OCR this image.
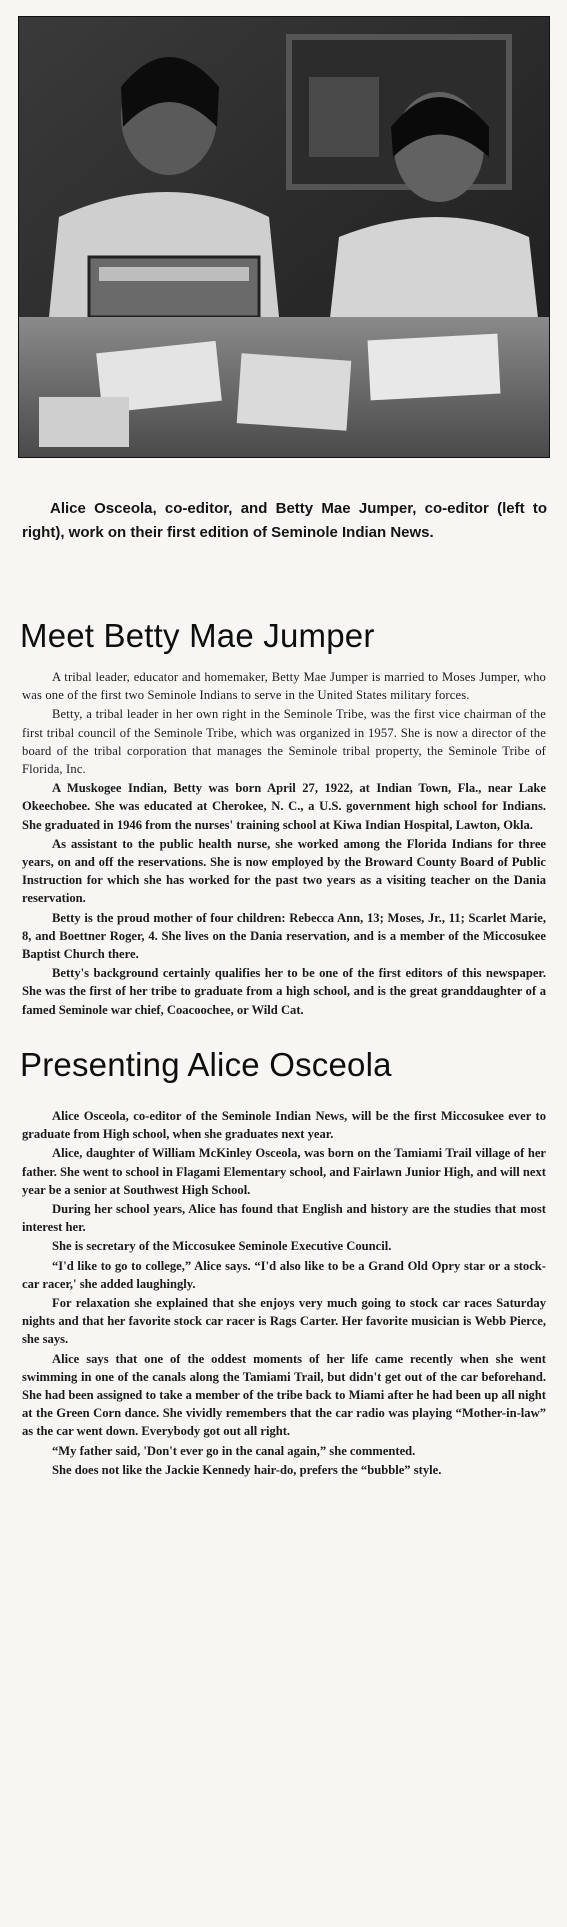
Alice Osceola, co-editor, and Betty Mae Jumper, co-editor (left to right), work on their first edition of Seminole Indian News.

Meet Betty Mae Jumper

A tribal leader, educator and homemaker, Betty Mae Jumper is married to Moses Jumper, who was one of the first two Seminole Indians to serve in the United States military forces.

Betty, a tribal leader in her own right in the Seminole Tribe, was the first vice chairman of the first tribal council of the Seminole Tribe, which was organized in 1957. She is now a director of the board of the tribal corporation that manages the Seminole tribal property, the Seminole Tribe of Florida, Inc.

A Muskogee Indian, Betty was born April 27, 1922, at Indian Town, Fla., near Lake Okeechobee. She was educated at Cherokee, N. C., a U.S. government high school for Indians. She graduated in 1946 from the nurses' training school at Kiwa Indian Hospital, Lawton, Okla.

As assistant to the public health nurse, she worked among the Florida Indians for three years, on and off the reservations. She is now employed by the Broward County Board of Public Instruction for which she has worked for the past two years as a visiting teacher on the Dania reservation.

Betty is the proud mother of four children: Rebecca Ann, 13; Moses, Jr., 11; Scarlet Marie, 8, and Boettner Roger, 4. She lives on the Dania reservation, and is a member of the Miccosukee Baptist Church there.

Betty's background certainly qualifies her to be one of the first editors of this newspaper. She was the first of her tribe to graduate from a high school, and is the great granddaughter of a famed Seminole war chief, Coacoochee, or Wild Cat.

Presenting Alice Osceola

Alice Osceola, co-editor of the Seminole Indian News, will be the first Miccosukee ever to graduate from High school, when she graduates next year.

Alice, daughter of William McKinley Osceola, was born on the Tamiami Trail village of her father. She went to school in Flagami Elementary school, and Fairlawn Junior High, and will next year be a senior at Southwest High School.

During her school years, Alice has found that English and history are the studies that most interest her.

She is secretary of the Miccosukee Seminole Executive Council.

“I'd like to go to college,” Alice says. “I'd also like to be a Grand Old Opry star or a stock-car racer,' she added laughingly.

For relaxation she explained that she enjoys very much going to stock car races Saturday nights and that her favorite stock car racer is Rags Carter. Her favorite musician is Webb Pierce, she says.

Alice says that one of the oddest moments of her life came recently when she went swimming in one of the canals along the Tamiami Trail, but didn't get out of the car beforehand. She had been assigned to take a member of the tribe back to Miami after he had been up all night at the Green Corn dance. She vividly remembers that the car radio was playing “Mother-in-law” as the car went down. Everybody got out all right.

“My father said, 'Don't ever go in the canal again,” she commented.

She does not like the Jackie Kennedy hair-do, prefers the “bubble” style.
